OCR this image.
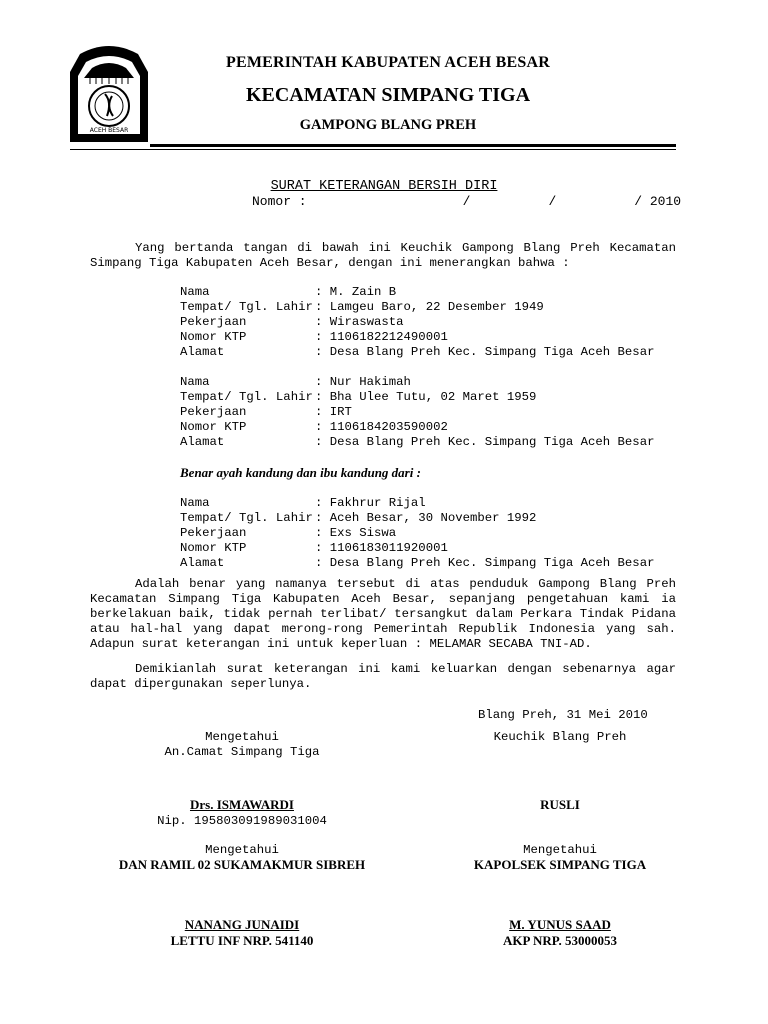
ACEH BESAR
PEMERINTAH KABUPATEN ACEH BESAR
KECAMATAN SIMPANG TIGA
GAMPONG BLANG PREH
SURAT KETERANGAN BERSIH DIRI
Nomor :                    /          /          / 2010
Yang bertanda tangan di bawah ini Keuchik Gampong Blang Preh Kecamatan Simpang Tiga Kabupaten Aceh Besar, dengan ini menerangkan bahwa :
Nama	: M. Zain B
Tempat/ Tgl. Lahir : Lamgeu Baro, 22 Desember 1949
Pekerjaan	: Wiraswasta
Nomor KTP	: 1106182212490001
Alamat	: Desa Blang Preh Kec. Simpang Tiga Aceh Besar
Nama	: Nur Hakimah
Tempat/ Tgl. Lahir : Bha Ulee Tutu, 02 Maret 1959
Pekerjaan	: IRT
Nomor KTP	: 1106184203590002
Alamat	: Desa Blang Preh Kec. Simpang Tiga Aceh Besar
Benar ayah kandung dan ibu kandung dari :
Nama	: Fakhrur Rijal
Tempat/ Tgl. Lahir : Aceh Besar, 30 November 1992
Pekerjaan	: Exs Siswa
Nomor KTP	: 1106183011920001
Alamat	: Desa Blang Preh Kec. Simpang Tiga Aceh Besar
Adalah benar yang namanya tersebut di atas penduduk Gampong Blang Preh Kecamatan Simpang Tiga Kabupaten Aceh Besar, sepanjang pengetahuan kami ia berkelakuan baik, tidak pernah terlibat/ tersangkut dalam Perkara Tindak Pidana atau hal-hal yang dapat merong-rong Pemerintah Republik Indonesia yang sah. Adapun surat keterangan ini untuk keperluan : MELAMAR SECABA TNI-AD.
Demikianlah surat keterangan ini kami keluarkan dengan sebenarnya agar dapat dipergunakan seperlunya.
Blang Preh, 31 Mei 2010
Mengetahui
An.Camat Simpang Tiga
Keuchik Blang Preh
Drs. ISMAWARDI
Nip. 195803091989031004
RUSLI
Mengetahui
DAN RAMIL 02 SUKAMAKMUR SIBREH
Mengetahui
KAPOLSEK SIMPANG TIGA
NANANG JUNAIDI
LETTU INF NRP. 541140
M. YUNUS SAAD
AKP NRP. 53000053
